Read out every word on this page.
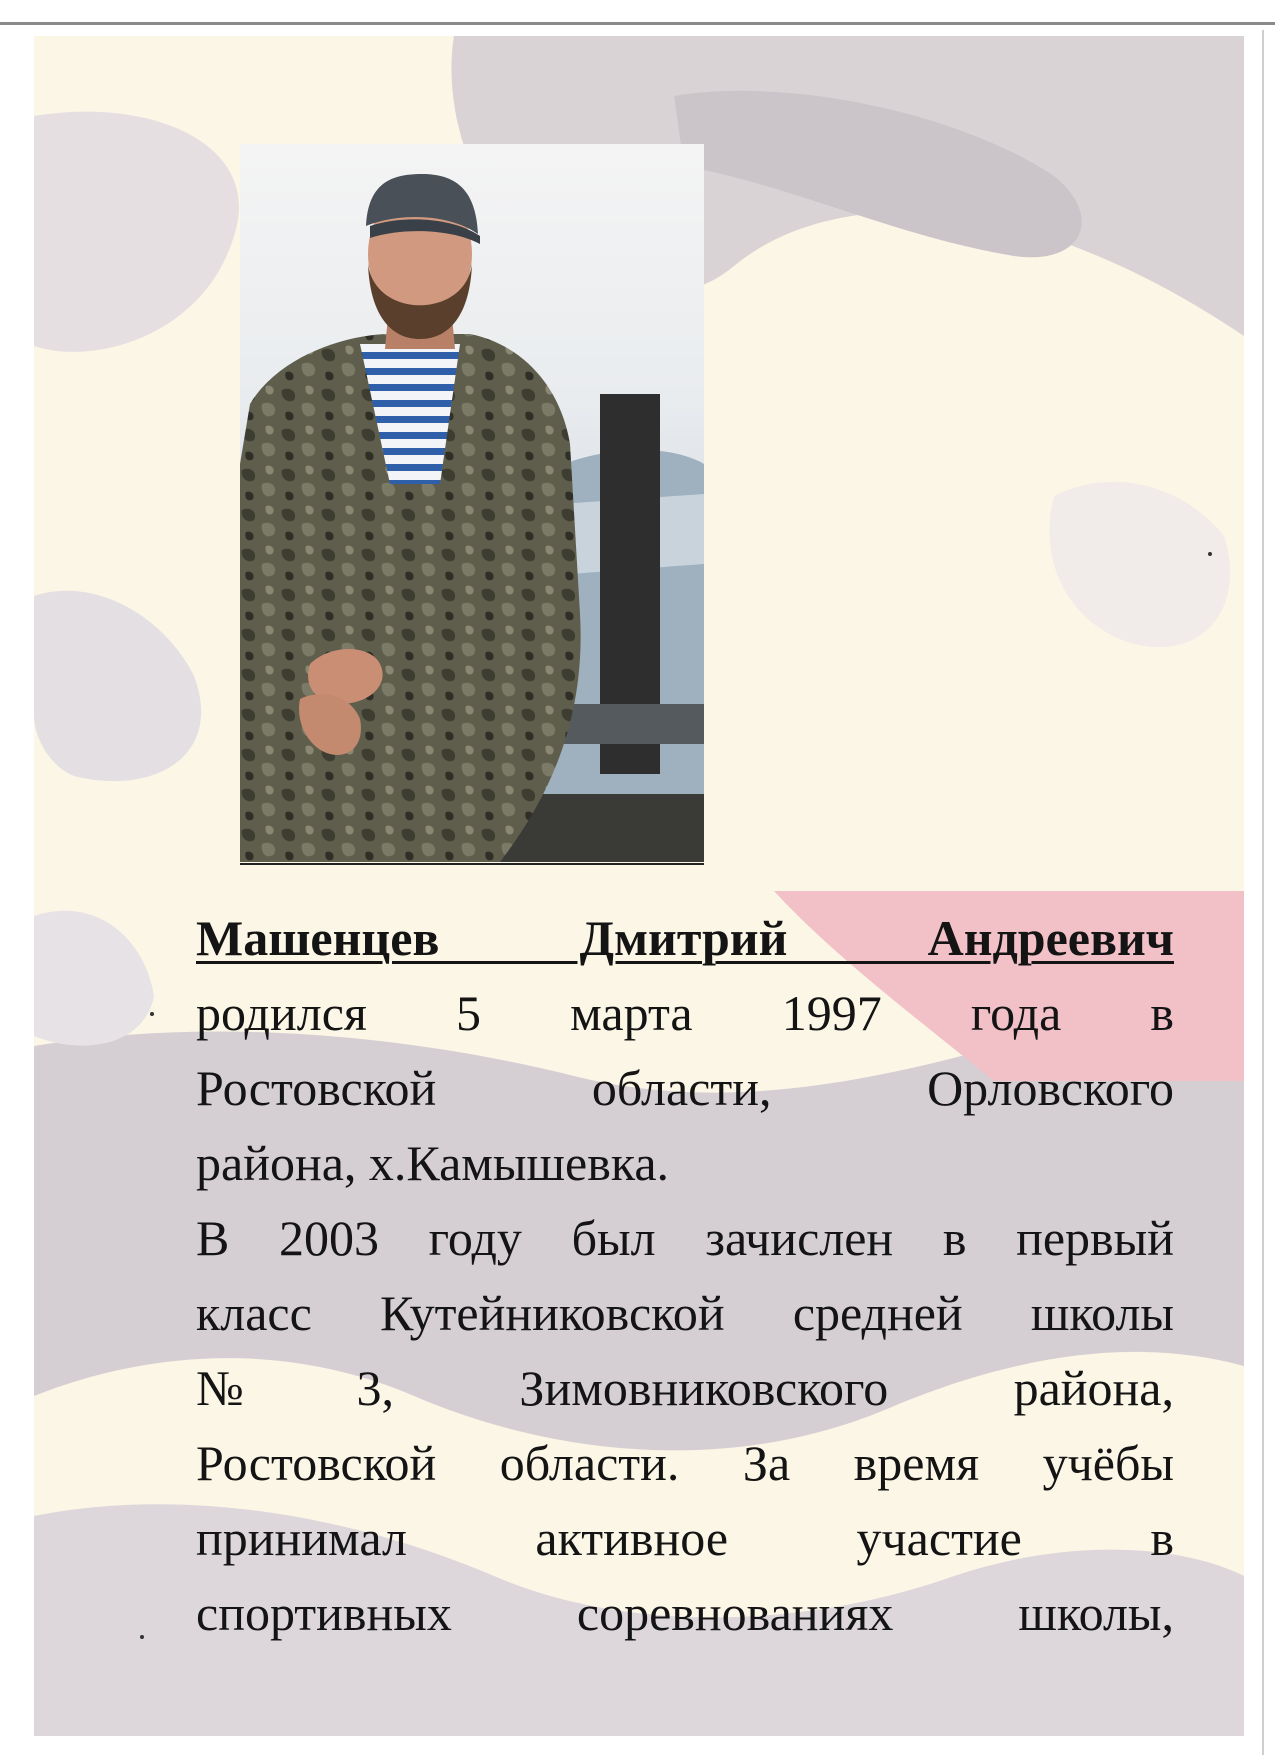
Машенцев Дмитрий Андреевич
родился 5 марта 1997 года в
Ростовской области, Орловского
района, х.Камышевка.
В 2003 году был зачислен в первый
класс Кутейниковской средней школы
№3, Зимовниковского района,
Ростовской области. За время учёбы
принимал активное участие в
спортивных соревнованиях школы,
